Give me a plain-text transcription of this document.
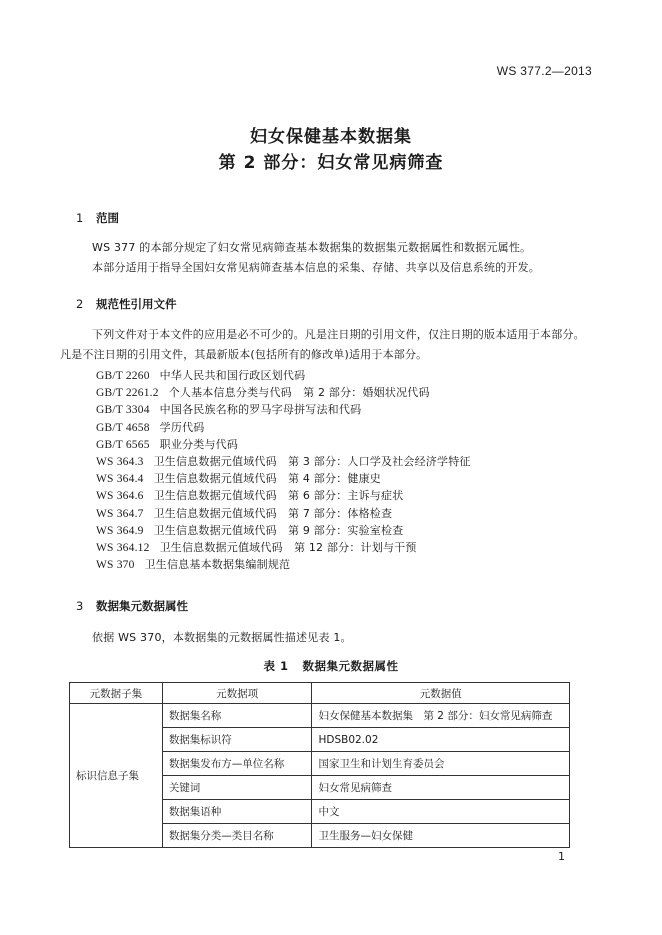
WS 377.2—2013
妇女保健基本数据集
第 2 部分：妇女常见病筛查
1 范围
WS 377 的本部分规定了妇女常见病筛查基本数据集的数据集元数据属性和数据元属性。
本部分适用于指导全国妇女常见病筛查基本信息的采集、存储、共享以及信息系统的开发。
2 规范性引用文件
下列文件对于本文件的应用是必不可少的。凡是注日期的引用文件，仅注日期的版本适用于本部分。凡是不注日期的引用文件，其最新版本(包括所有的修改单)适用于本部分。
GB/T 2260 中华人民共和国行政区划代码
GB/T 2261.2 个人基本信息分类与代码　第 2 部分：婚姻状况代码
GB/T 3304 中国各民族名称的罗马字母拼写法和代码
GB/T 4658 学历代码
GB/T 6565 职业分类与代码
WS 364.3 卫生信息数据元值域代码　第 3 部分：人口学及社会经济学特征
WS 364.4 卫生信息数据元值域代码　第 4 部分：健康史
WS 364.6 卫生信息数据元值域代码　第 6 部分：主诉与症状
WS 364.7 卫生信息数据元值域代码　第 7 部分：体格检查
WS 364.9 卫生信息数据元值域代码　第 9 部分：实验室检查
WS 364.12 卫生信息数据元值域代码　第 12 部分：计划与干预
WS 370 卫生信息基本数据集编制规范
3 数据集元数据属性
依据 WS 370，本数据集的元数据属性描述见表 1。
表 1 数据集元数据属性
元数据子集	元数据项	元数据值
标识信息子集	数据集名称	妇女保健基本数据集　第 2 部分：妇女常见病筛查
	数据集标识符	HDSB02.02
	数据集发布方—单位名称	国家卫生和计划生育委员会
	关键词	妇女常见病筛查
	数据集语种	中文
	数据集分类—类目名称	卫生服务—妇女保健
1
